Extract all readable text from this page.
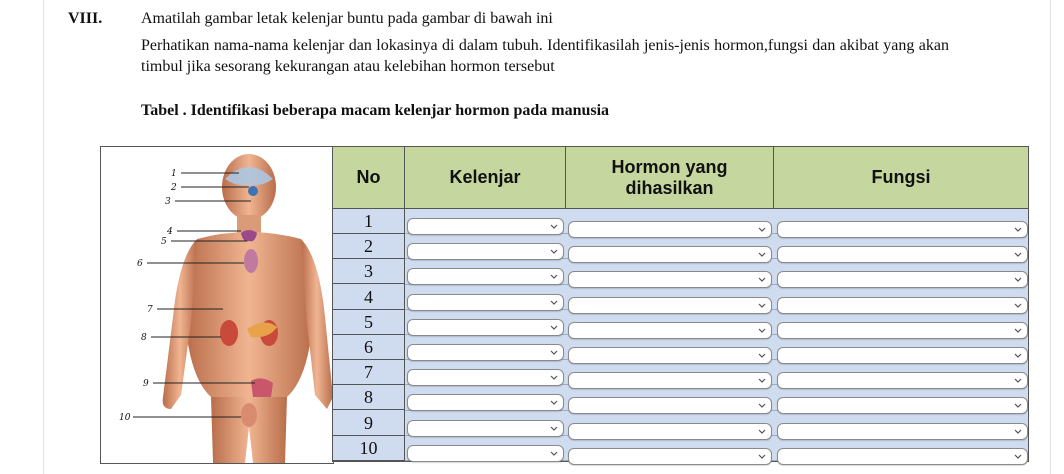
VIII. Amatilah gambar letak kelenjar buntu pada gambar di bawah ini
Perhatikan nama-nama kelenjar dan lokasinya di dalam tubuh. Identifikasilah jenis-jenis hormon,fungsi dan akibat yang akan timbul jika sesorang kekurangan atau kelebihan hormon tersebut
Tabel . Identifikasi beberapa macam kelenjar hormon pada manusia
1
2
3
4
5
6
7
8
9
10
No	Kelenjar
Hormon yang
dihasilkan
Fungsi
1
2
3
4
5
6
7
8
9
10
